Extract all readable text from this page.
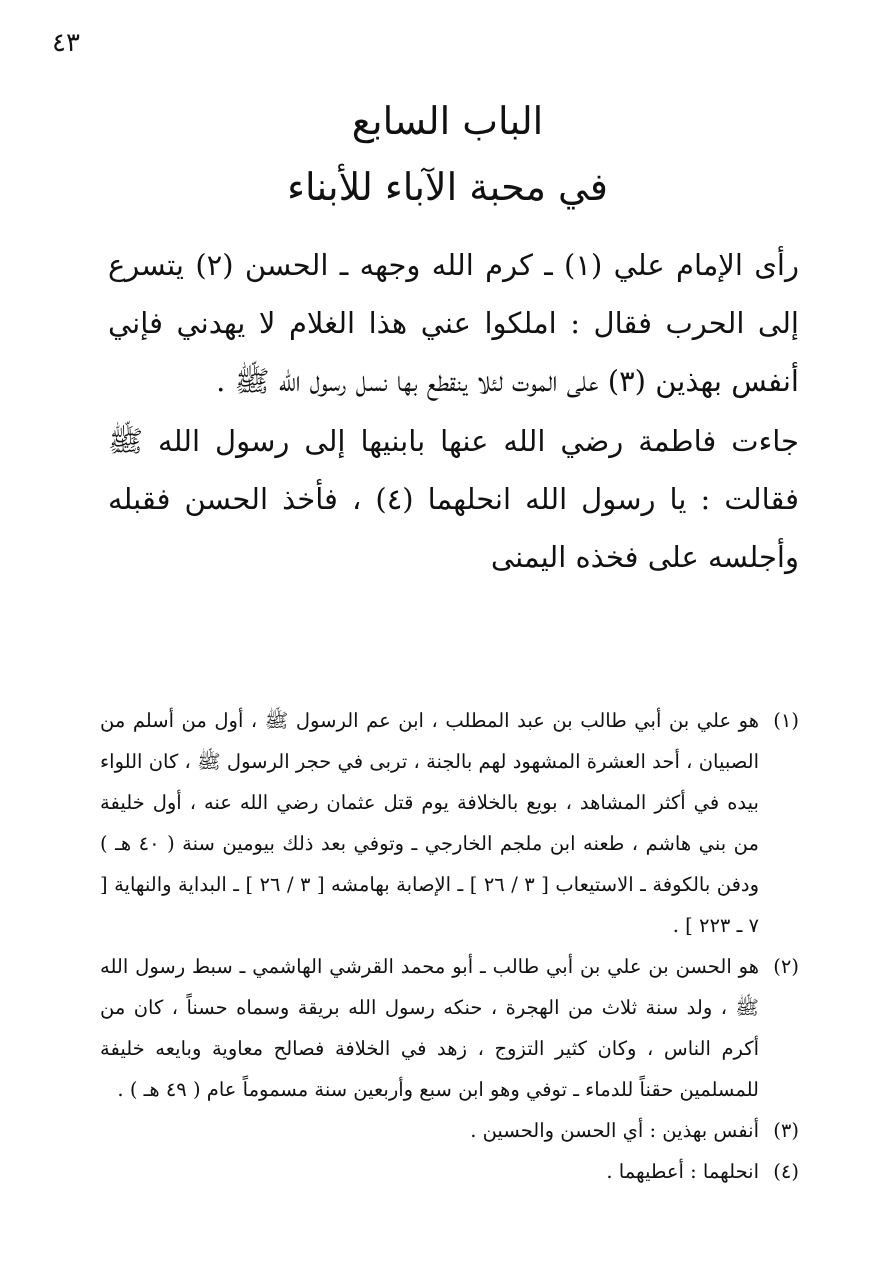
٤٣
الباب السابع
في محبة الآباء للأبناء

رأى الإمام علي (١) ـ كرم الله وجهه ـ الحسن (٢) يتسرع إلى الحرب فقال : املكوا عني هذا الغلام لا يهدني فإني أنفس بهذين (٣) على الموت لئلا ينقطع بها نسل رسول الله ﷺ .

جاءت فاطمة رضي الله عنها بابنيها إلى رسول الله ﷺ فقالت : يا رسول الله انحلهما (٤) ، فأخذ الحسن فقبله وأجلسه على فخذه اليمنى

(١)هو علي بن أبي طالب بن عبد المطلب ، ابن عم الرسول ﷺ ، أول من أسلم من الصبيان ، أحد العشرة المشهود لهم بالجنة ، تربى في حجر الرسول ﷺ ، كان اللواء بيده في أكثر المشاهد ، بويع بالخلافة يوم قتل عثمان رضي الله عنه ، أول خليفة من بني هاشم ، طعنه ابن ملجم الخارجي ـ وتوفي بعد ذلك بيومين سنة ( ٤٠ هـ ) ودفن بالكوفة ـ الاستيعاب [ ٣ / ٢٦ ] ـ الإصابة بهامشه [ ٣ / ٢٦ ] ـ البداية والنهاية [ ٧ ـ ٢٢٣ ] .

(٢)هو الحسن بن علي بن أبي طالب ـ أبو محمد القرشي الهاشمي ـ سبط رسول الله ﷺ ، ولد سنة ثلاث من الهجرة ، حنكه رسول الله بريقة وسماه حسناً ، كان من أكرم الناس ، وكان كثير التزوج ، زهد في الخلافة فصالح معاوية وبايعه خليفة للمسلمين حقناً للدماء ـ توفي وهو ابن سبع وأربعين سنة مسموماً عام ( ٤٩ هـ ) .

(٣)أنفس بهذين : أي الحسن والحسين .

(٤)انحلهما : أعطيهما .
